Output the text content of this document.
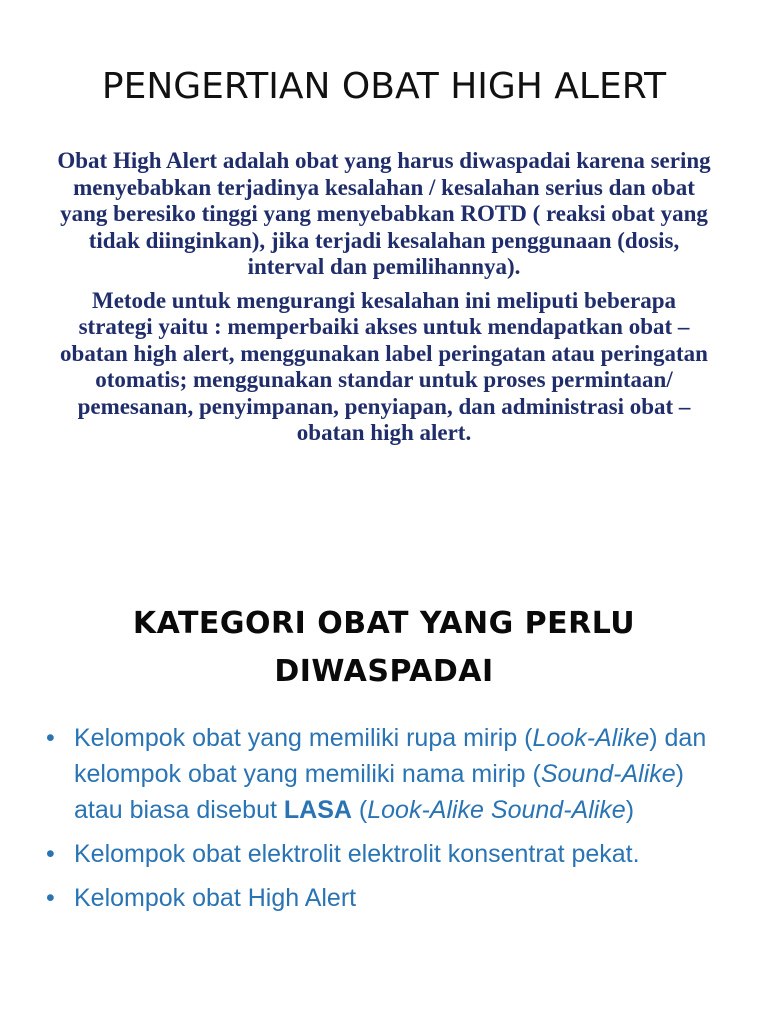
PENGERTIAN OBAT HIGH ALERT

Obat High Alert adalah obat yang harus diwaspadai karena sering menyebabkan terjadinya kesalahan / kesalahan serius dan obat yang beresiko tinggi yang menyebabkan ROTD ( reaksi obat yang tidak diinginkan), jika terjadi kesalahan penggunaan (dosis, interval dan pemilihannya).

Metode untuk mengurangi kesalahan ini meliputi beberapa strategi yaitu : memperbaiki akses untuk mendapatkan obat – obatan high alert, menggunakan label peringatan atau peringatan otomatis; menggunakan standar untuk proses permintaan/ pemesanan, penyimpanan, penyiapan, dan administrasi obat – obatan high alert.

KATEGORI OBAT YANG PERLU
DIWASPADAI
• Kelompok obat yang memiliki rupa mirip (Look-Alike) dan kelompok obat yang memiliki nama mirip (Sound-Alike) atau biasa disebut LASA (Look-Alike Sound-Alike)
• Kelompok obat elektrolit elektrolit konsentrat pekat.
• Kelompok obat High Alert
